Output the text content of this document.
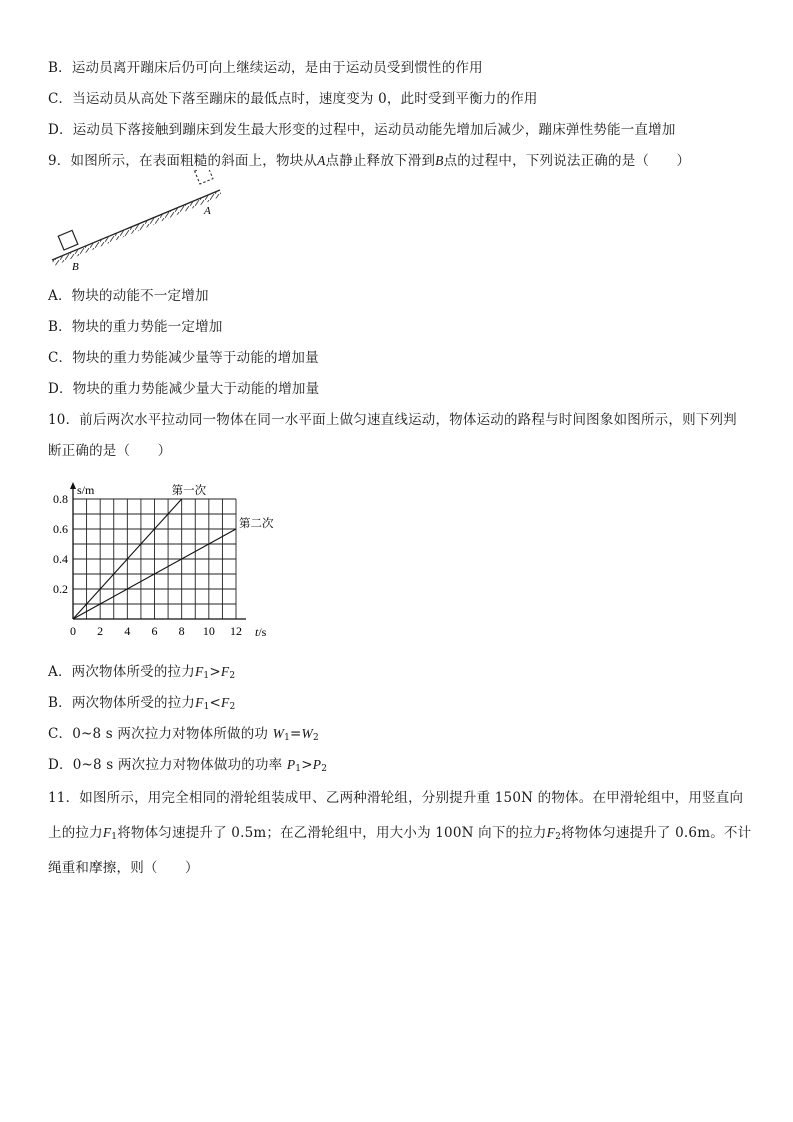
B．运动员离开蹦床后仍可向上继续运动，是由于运动员受到惯性的作用
C．当运动员从高处下落至蹦床的最低点时，速度变为 0，此时受到平衡力的作用
D．运动员下落接触到蹦床到发生最大形变的过程中，运动员动能先增加后减少，蹦床弹性势能一直增加
9．如图所示，在表面粗糙的斜面上，物块从A点静止释放下滑到B点的过程中，下列说法正确的是（　　）
A
B
A．物块的动能不一定增加
B．物块的重力势能一定增加
C．物块的重力势能减少量等于动能的增加量
D．物块的重力势能减少量大于动能的增加量
10．前后两次水平拉动同一物体在同一水平面上做匀速直线运动，物体运动的路程与时间图象如图所示，则下列判
断正确的是（　　）
第一次
第二次
0 2 4 6 8 10 12
0.2
0.4
0.6
0.8
s/m
t/s
A．两次物体所受的拉力$F_1>F_2$
B．两次物体所受的拉力$F_1<F_2$
C．0~8 s 两次拉力对物体所做的功 $W_1=W_2$
D．0~8 s 两次拉力对物体做功的功率 $P_1>P_2$
11．如图所示，用完全相同的滑轮组装成甲、乙两种滑轮组，分别提升重 150N 的物体。在甲滑轮组中，用竖直向
上的拉力$F_1$将物体匀速提升了 0.5m；在乙滑轮组中，用大小为 100N 向下的拉力$F_2$将物体匀速提升了 0.6m。不计
绳重和摩擦，则（　　）
